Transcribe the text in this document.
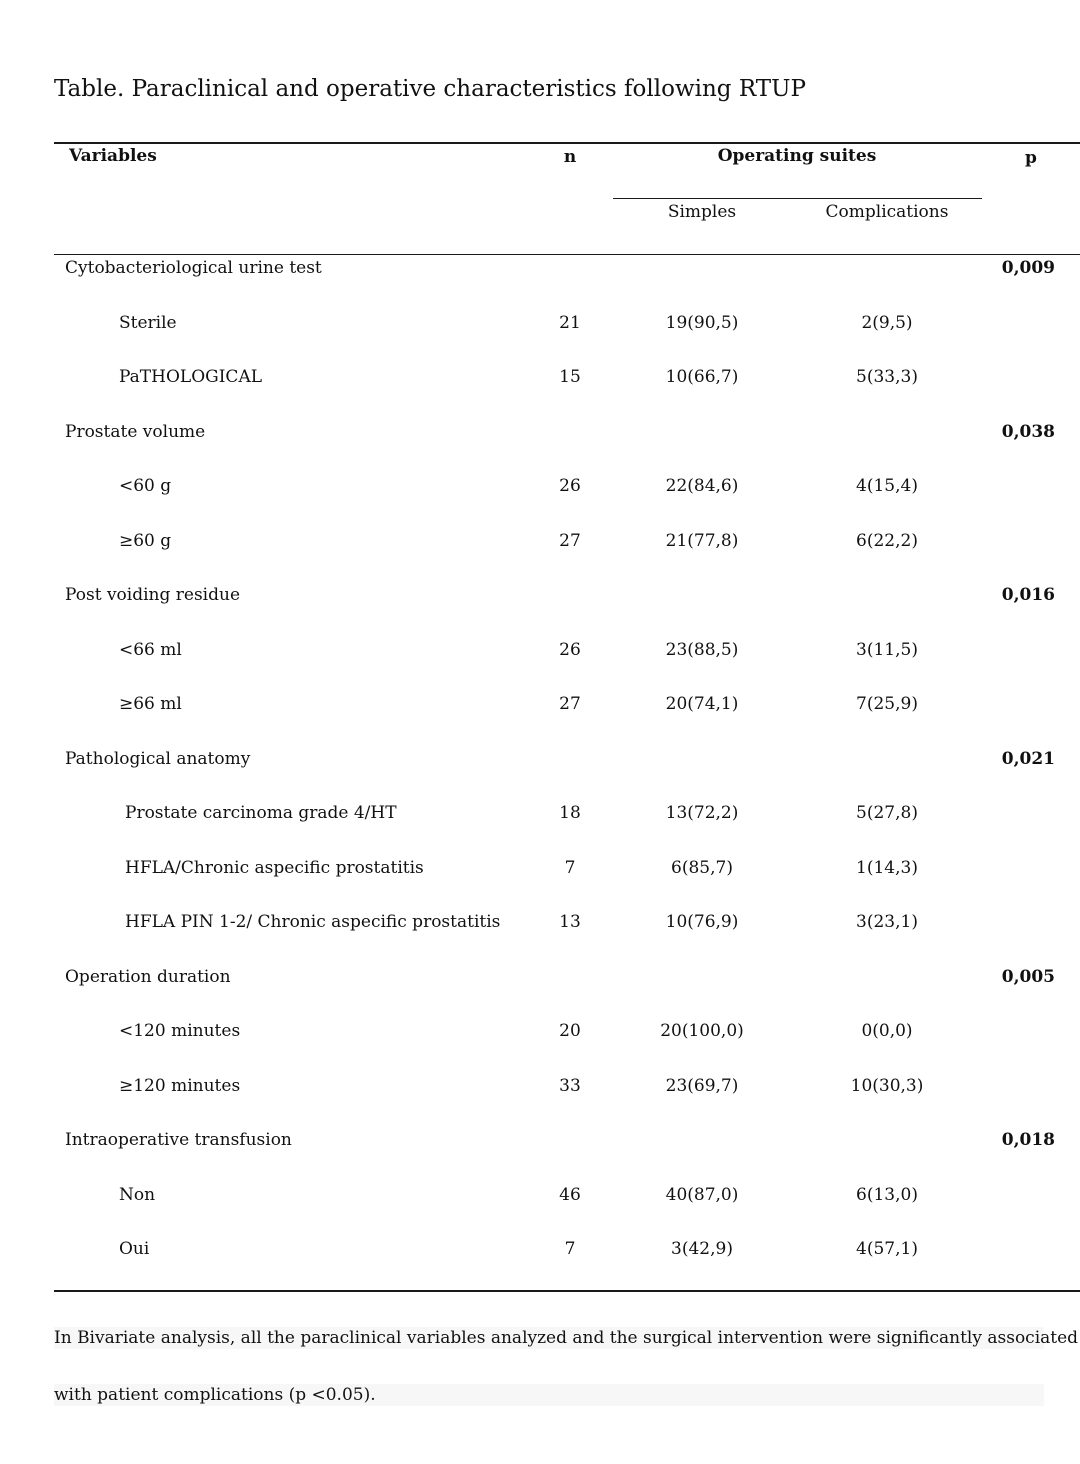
Table. Paraclinical and operative characteristics following RTUP
Variables	n	Operating suites	p
Simples	Complications
Cytobacteriological urine test	0,009
Sterile	21	19(90,5)	2(9,5)
PaTHOLOGICAL	15	10(66,7)	5(33,3)
Prostate volume	0,038
<60 g	26	22(84,6)	4(15,4)
≥60 g	27	21(77,8)	6(22,2)
Post voiding residue	0,016
<66 ml	26	23(88,5)	3(11,5)
≥66 ml	27	20(74,1)	7(25,9)
Pathological anatomy	0,021
Prostate carcinoma grade 4/HT	18	13(72,2)	5(27,8)
HFLA/Chronic aspecific prostatitis	7	6(85,7)	1(14,3)
HFLA PIN 1-2/ Chronic aspecific prostatitis	13	10(76,9)	3(23,1)
Operation duration	0,005
<120 minutes	20	20(100,0)	0(0,0)
≥120 minutes	33	23(69,7)	10(30,3)
Intraoperative transfusion	0,018
Non	46	40(87,0)	6(13,0)
Oui	7	3(42,9)	4(57,1)
In Bivariate analysis, all the paraclinical variables analyzed and the surgical intervention were significantly associated
with patient complications (p <0.05).
